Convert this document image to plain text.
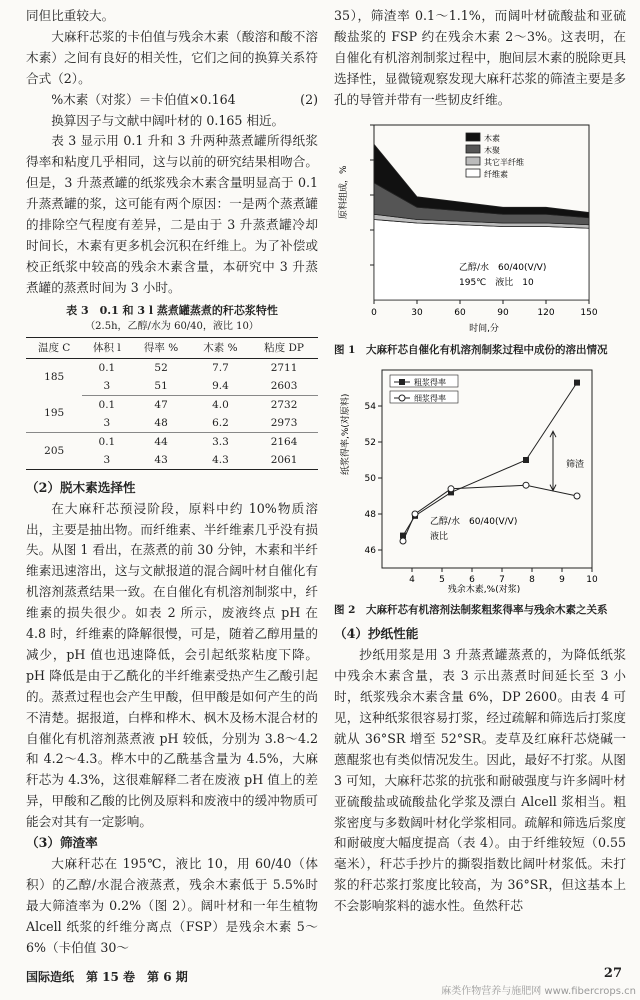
同但比重较大。

大麻秆芯浆的卡伯值与残余木素（酸溶和酸不溶木素）之间有良好的相关性，它们之间的换算关系符合式（2）。

%木素（对浆）＝卡伯值×0.164	(2)

换算因子与文献中阔叶材的 0.165 相近。

表 3 显示用 0.1 升和 3 升两种蒸煮罐所得纸浆得率和粘度几乎相同，这与以前的研究结果相吻合。但是，3 升蒸煮罐的纸浆残余木素含量明显高于 0.1 升蒸煮罐的浆，这可能有两个原因：一是两个蒸煮罐的排除空气程度有差异，二是由于 3 升蒸煮罐冷却时间长，木素有更多机会沉积在纤维上。为了补偿或校正纸浆中较高的残余木素含量，本研究中 3 升蒸煮罐的蒸煮时间为 3 小时。

表 3　0.1 和 3 l 蒸煮罐蒸煮的秆芯浆特性

（2.5h，乙醇/水为 60/40，液比 10）

温度 C	体积 l	得率 %	木素 %	粘度 DP
185	0.1	52	7.7	2711
	3	51	9.4	2603
195	0.1	47	4.0	2732
	3	48	6.2	2973
205	0.1	44	3.3	2164
	3	43	4.3	2061

（2）脱木素选择性

在大麻秆芯预浸阶段，原料中约 10%物质溶出，主要是抽出物。而纤维素、半纤维素几乎没有损失。从图 1 看出，在蒸煮的前 30 分钟，木素和半纤维素迅速溶出，这与文献报道的混合阔叶材自催化有机溶剂蒸煮结果一致。在自催化有机溶剂制浆中，纤维素的损失很少。如表 2 所示，废液终点 pH 在 4.8 时，纤维素的降解很慢，可是，随着乙醇用量的减少，pH 值也迅速降低，会引起纸浆粘度下降。pH 降低是由于乙酰化的半纤维素受热产生乙酸引起的。蒸煮过程也会产生甲酸，但甲酸是如何产生的尚不清楚。据报道，白桦和桦木、枫木及杨木混合材的自催化有机溶剂蒸煮液 pH 较低，分别为 3.8～4.2 和 4.2～4.3。桦木中的乙酰基含量为 4.5%，大麻秆芯为 4.3%，这很难解释二者在废液 pH 值上的差异，甲酸和乙酸的比例及原料和废液中的缓冲物质可能会对其有一定影响。

（3）筛渣率

大麻秆芯在 195℃，液比 10，用 60/40（体积）的乙醇/水混合液蒸煮，残余木素低于 5.5%时最大筛渣率为 0.2%（图 2）。阔叶材和一年生植物 Alcell 纸浆的纤维分离点（FSP）是残余木素 5～6%（卡伯值 30～

35），筛渣率 0.1～1.1%，而阔叶材硫酸盐和亚硫酸盐浆的 FSP 约在残余木素 2～3%。这表明，在自催化有机溶剂制浆过程中，胞间层木素的脱除更具选择性，显微镜观察发现大麻秆芯浆的筛渣主要是多孔的导管并带有一些韧皮纤维。

0	30	60	90	120	150
木素
木聚
其它半纤维
纤维素
原料组成，%
时间,分
乙醇/水　60/40(V/V)
195℃　液比　10

图 1　大麻秆芯自催化有机溶剂制浆过程中成份的溶出情况

4	5	6	7	8	9 10
46
48
50
52
54
粗浆得率
细浆得率
纸浆得率,%(对原料)
残余木素,%(对浆)
乙醇/水　60/40(V/V)
液比
筛渣

图 2　大麻秆芯有机溶剂法制浆粗浆得率与残余木素之关系

（4）抄纸性能

抄纸用浆是用 3 升蒸煮罐蒸煮的，为降低纸浆中残余木素含量，表 3 示出蒸煮时间延长至 3 小时，纸浆残余木素含量 6%，DP 2600。由表 4 可见，这种纸浆很容易打浆，经过疏解和筛选后打浆度就从 36°SR 增至 52°SR。麦草及红麻秆芯烧碱一蒽醌浆也有类似情况发生。因此，最好不打浆。从图 3 可知，大麻秆芯浆的抗张和耐破强度与许多阔叶材亚硫酸盐或硫酸盐化学浆及漂白 Alcell 浆相当。粗浆密度与多数阔叶材化学浆相同。疏解和筛选后浆度和耐破度大幅度提高（表 4）。由于纤维较短（0.55 毫米），秆芯手抄片的撕裂指数比阔叶材浆低。未打浆的秆芯浆打浆度比较高，为 36°SR，但这基本上不会影响浆料的滤水性。鱼然秆芯

国际造纸　第 15 卷　第 6 期	27
麻类作物营养与施肥网 www.fibercrops.cn
